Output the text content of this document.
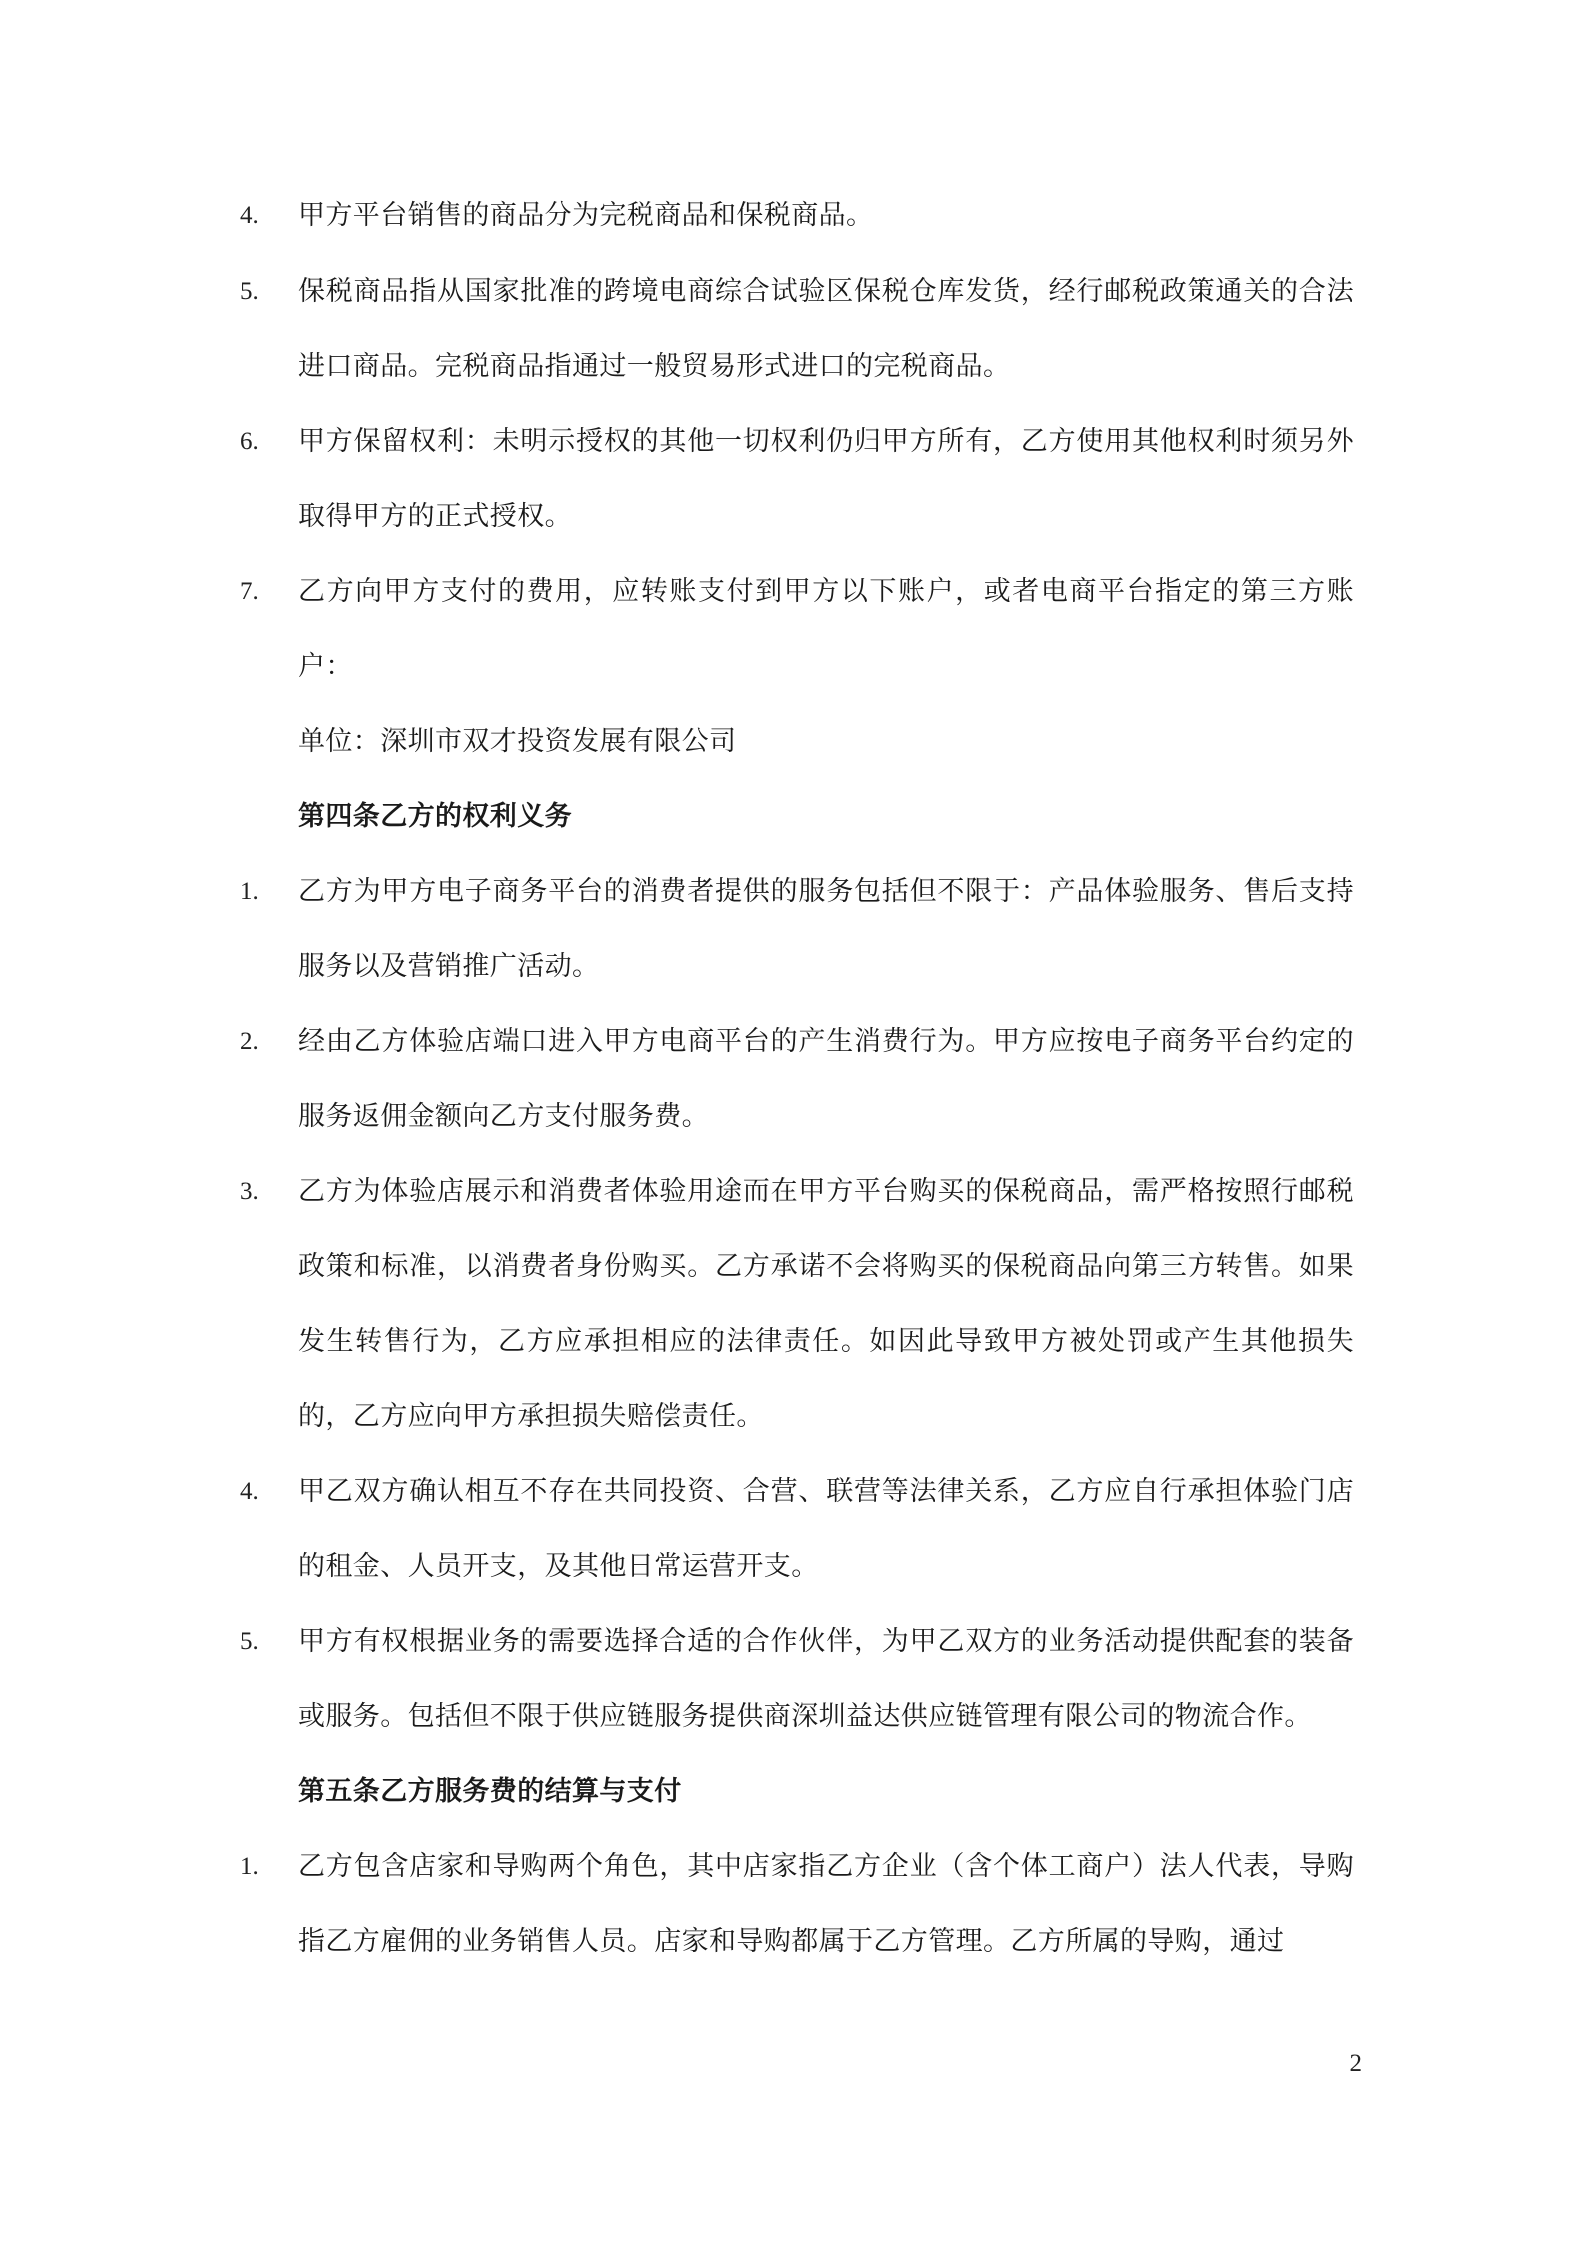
4.	甲方平台销售的商品分为完税商品和保税商品。
5.	保税商品指从国家批准的跨境电商综合试验区保税仓库发货，经行邮税政策通关的合法进口商品。完税商品指通过一般贸易形式进口的完税商品。
6.	甲方保留权利：未明示授权的其他一切权利仍归甲方所有，乙方使用其他权利时须另外取得甲方的正式授权。
7.	乙方向甲方支付的费用，应转账支付到甲方以下账户，或者电商平台指定的第三方账户：
单位：深圳市双才投资发展有限公司
第四条乙方的权利义务
1.	乙方为甲方电子商务平台的消费者提供的服务包括但不限于：产品体验服务、售后支持服务以及营销推广活动。
2.	经由乙方体验店端口进入甲方电商平台的产生消费行为。甲方应按电子商务平台约定的服务返佣金额向乙方支付服务费。
3.	乙方为体验店展示和消费者体验用途而在甲方平台购买的保税商品，需严格按照行邮税政策和标准，以消费者身份购买。乙方承诺不会将购买的保税商品向第三方转售。如果发生转售行为，乙方应承担相应的法律责任。如因此导致甲方被处罚或产生其他损失的，乙方应向甲方承担损失赔偿责任。
4.	甲乙双方确认相互不存在共同投资、合营、联营等法律关系，乙方应自行承担体验门店的租金、人员开支，及其他日常运营开支。
5.	甲方有权根据业务的需要选择合适的合作伙伴，为甲乙双方的业务活动提供配套的装备或服务。包括但不限于供应链服务提供商深圳益达供应链管理有限公司的物流合作。
第五条乙方服务费的结算与支付
1.	乙方包含店家和导购两个角色，其中店家指乙方企业（含个体工商户）法人代表，导购指乙方雇佣的业务销售人员。店家和导购都属于乙方管理。乙方所属的导购，通过
2
